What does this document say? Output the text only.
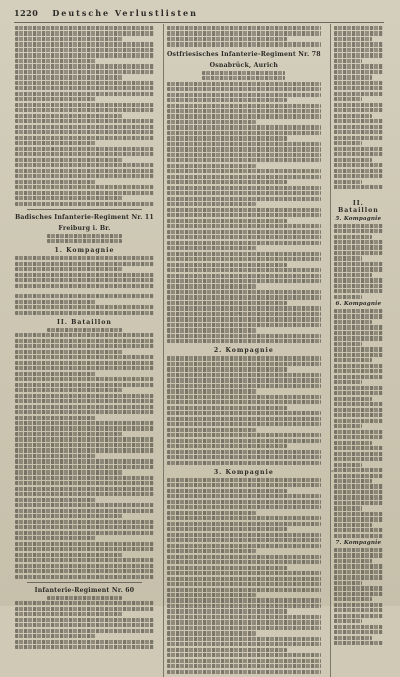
1220 Deutsche Verlustlisten
Badisches Infanterie-Regiment Nr. 11
Freiburg i. Br.
1. Kompagnie
II. Bataillon
Infanterie-Regiment Nr. 60
Ostfriesisches Infanterie-Regiment Nr. 78
Osnabrück, Aurich
2. Kompagnie
3. Kompagnie
II. Bataillon
5. Kompagnie
6. Kompagnie
7. Kompagnie
